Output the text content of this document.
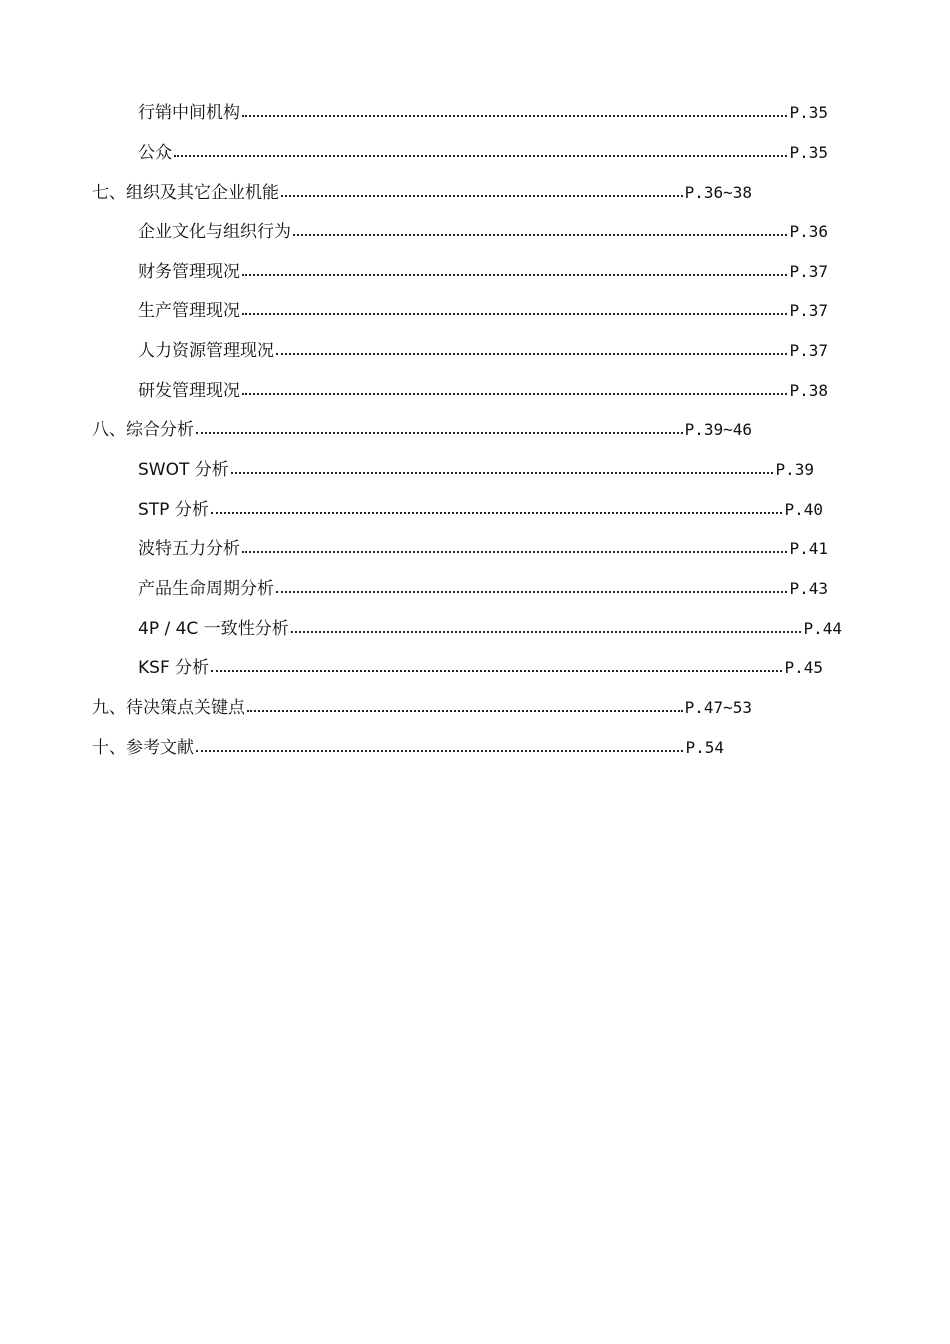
行销中间机构	P.35
公众	P.35
七、组织及其它企业机能	P.36~38
企业文化与组织行为	P.36
财务管理现况	P.37
生产管理现况	P.37
人力资源管理现况	P.37
研发管理现况	P.38
八、综合分析	P.39~46
SWOT 分析	P.39
STP 分析	P.40
波特五力分析	P.41
产品生命周期分析	P.43
4P / 4C 一致性分析	P.44
KSF 分析	P.45
九、待决策点关键点	P.47~53
十、参考文献	P.54
